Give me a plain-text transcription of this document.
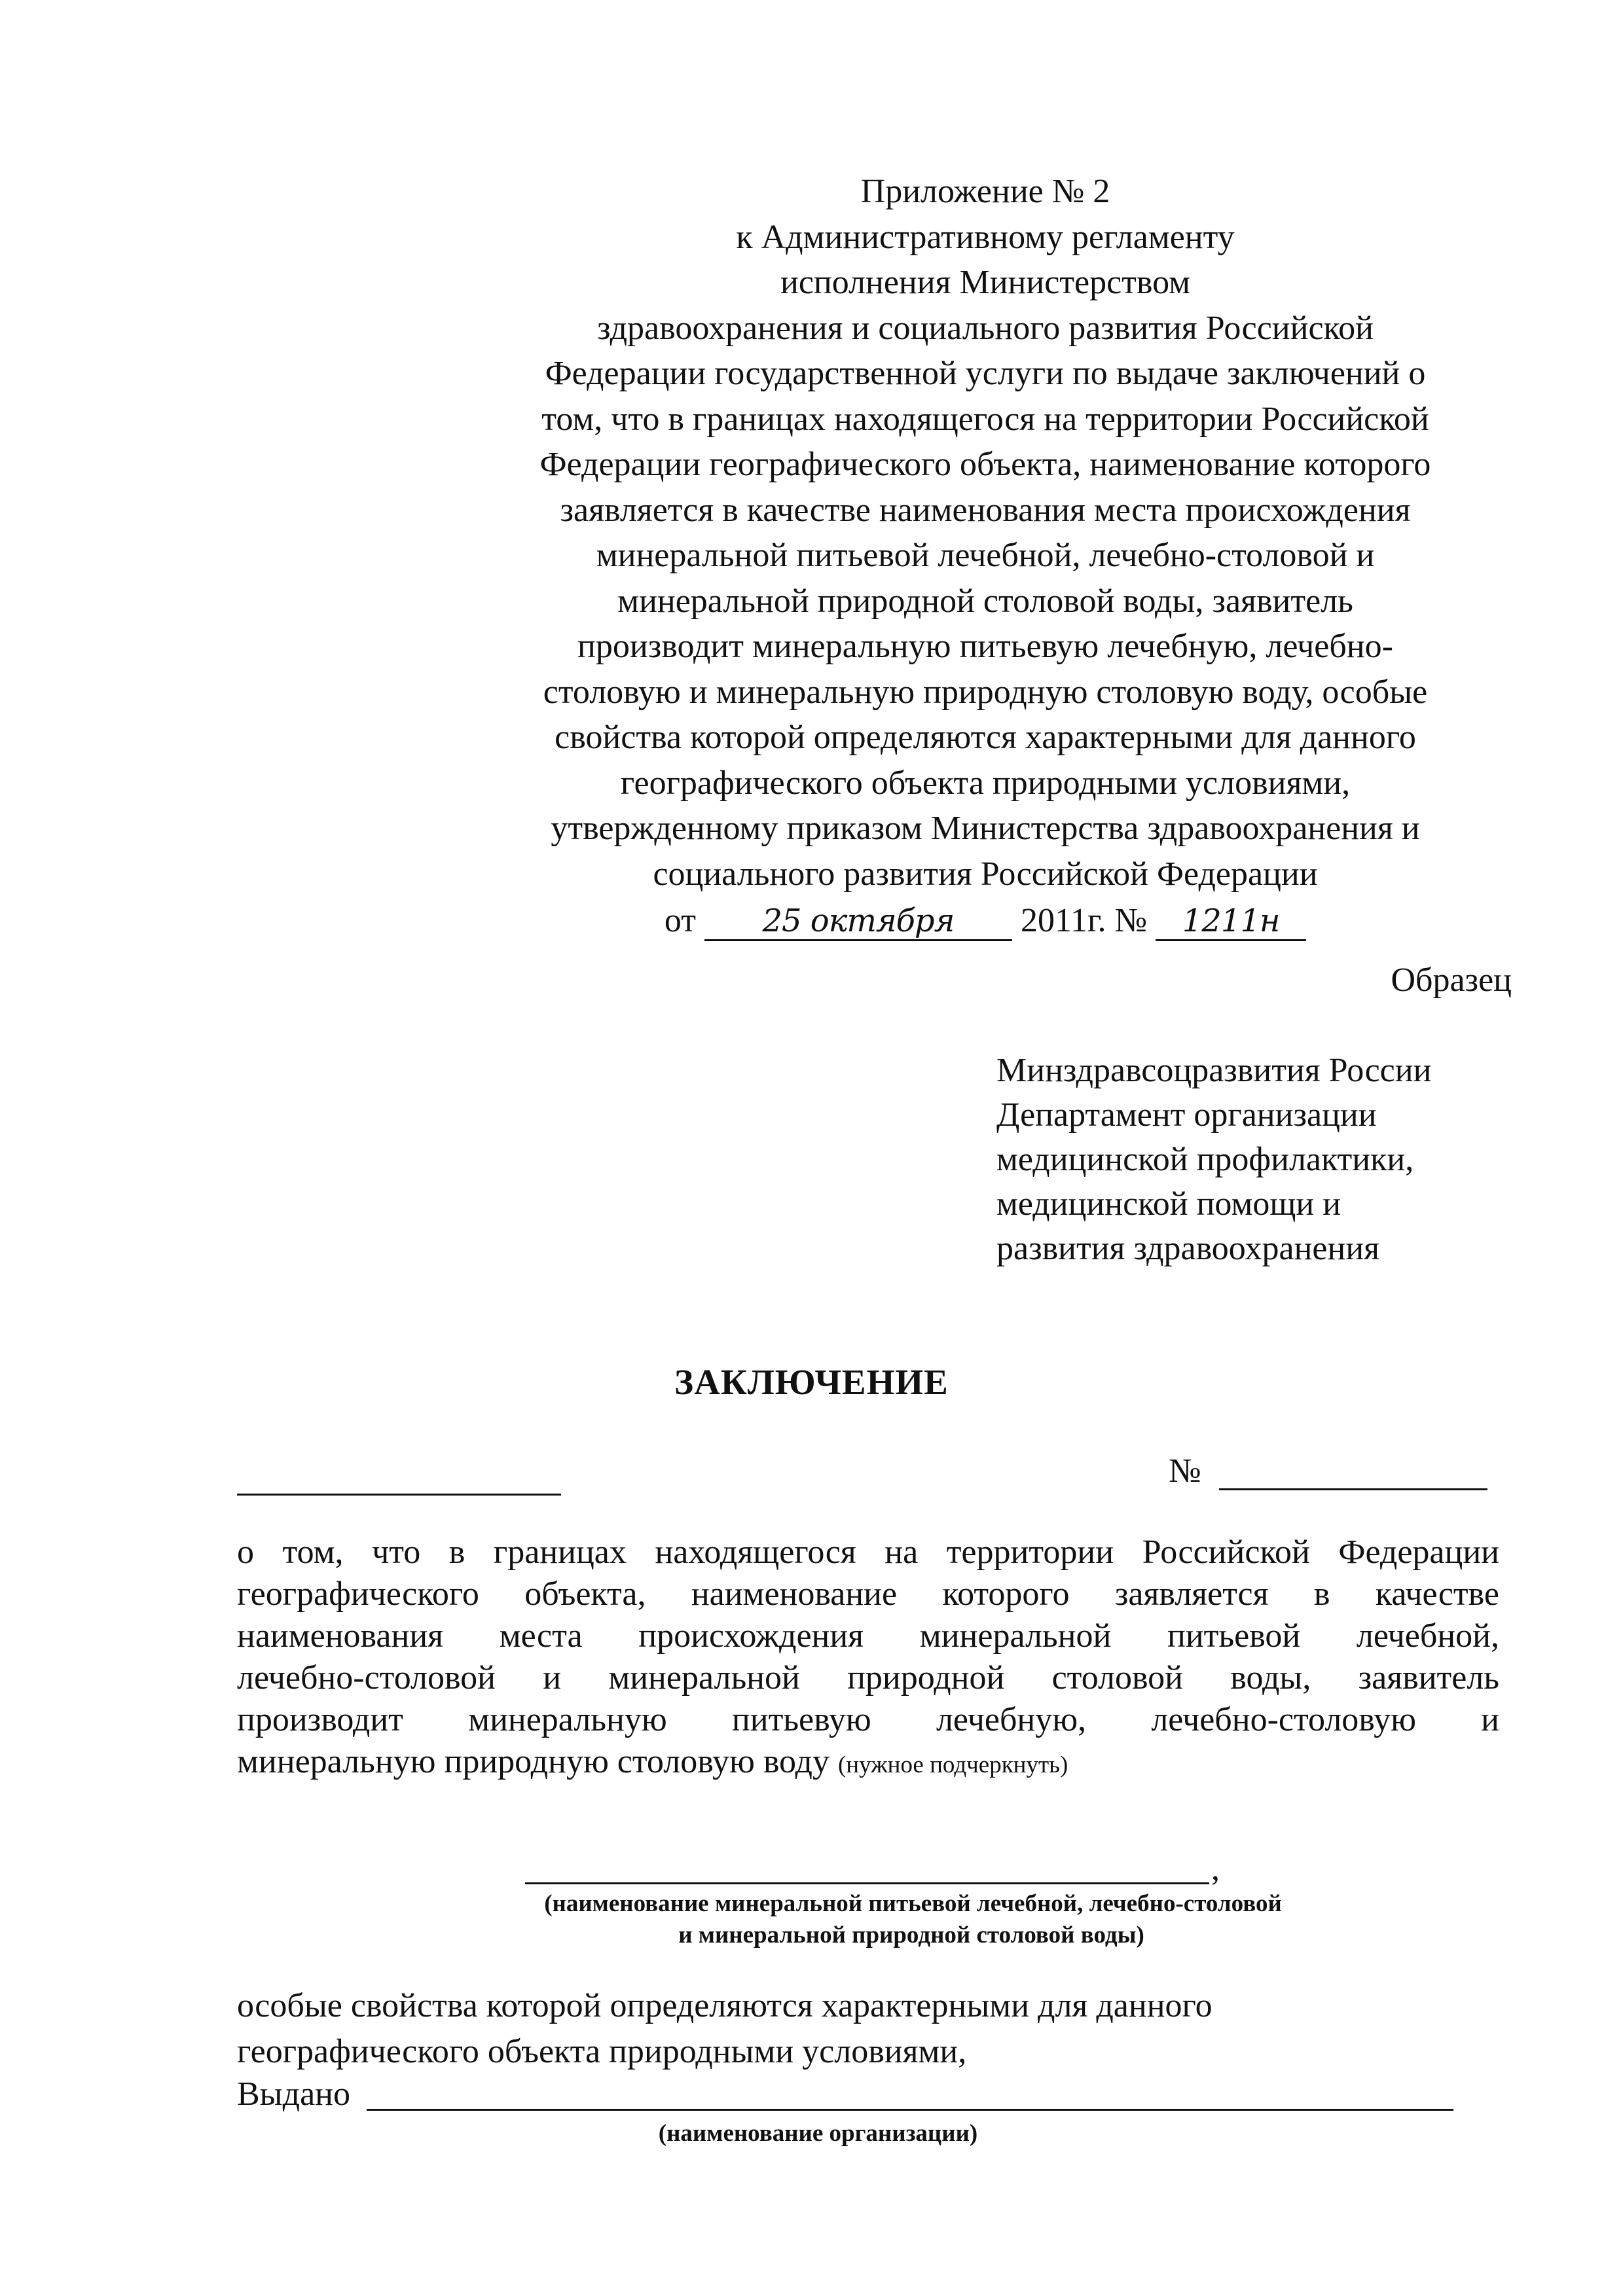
Приложение № 2
к Административному регламенту
исполнения Министерством
здравоохранения и социального развития Российской
Федерации государственной услуги по выдаче заключений о
том, что в границах находящегося на территории Российской
Федерации географического объекта, наименование которого
заявляется в качестве наименования места происхождения
минеральной питьевой лечебной, лечебно-столовой и
минеральной природной столовой воды, заявитель
производит минеральную питьевую лечебную, лечебно-
столовую и минеральную природную столовую воду, особые
свойства которой определяются характерными для данного
географического объекта природными условиями,
утвержденному приказом Министерства здравоохранения и
социального развития Российской Федерации
от 25 октября 2011г. № 1211н
Образец
Минздравсоцразвития России
Департамент организации
медицинской профилактики,
медицинской помощи и
развития здравоохранения
ЗАКЛЮЧЕНИЕ
№
о том, что в границах находящегося на территории Российской Федерации
географического объекта, наименование которого заявляется в качестве
наименования места происхождения минеральной питьевой лечебной,
лечебно-столовой и минеральной природной столовой воды, заявитель
производит минеральную питьевую лечебную, лечебно-столовую и
минеральную природную столовую воду (нужное подчеркнуть)
,
(наименование минеральной питьевой лечебной, лечебно-столовой
и минеральной природной столовой воды)
особые свойства которой определяются характерными для данного
географического объекта природными условиями,
Выдано
(наименование организации)
